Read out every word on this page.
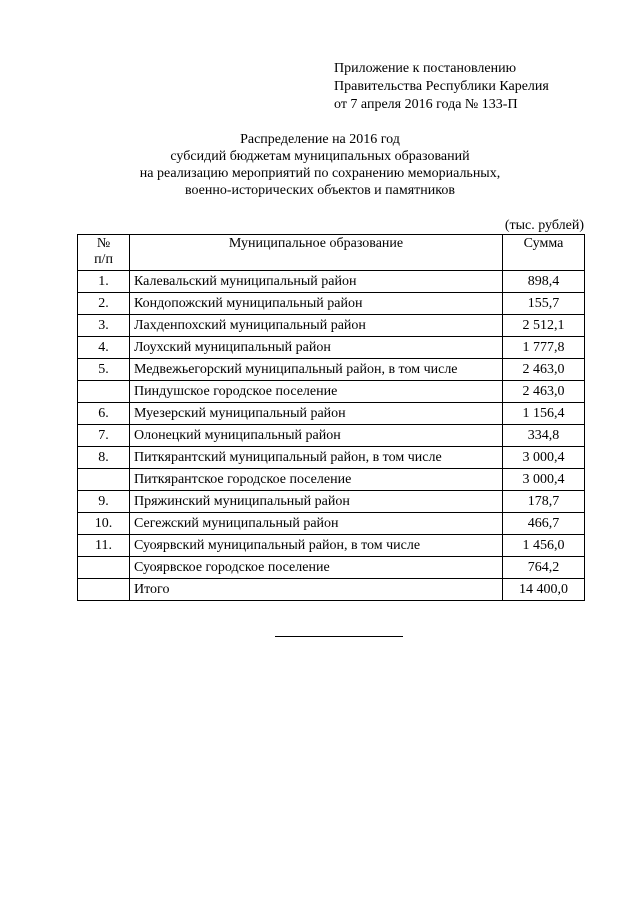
Приложение к постановлению
Правительства Республики Карелия
от 7 апреля 2016 года № 133-П
Распределение на 2016 год
субсидий бюджетам муниципальных образований
на реализацию мероприятий по сохранению мемориальных,
военно-исторических объектов и памятников
(тыс. рублей)
№
п/п	Муниципальное образование	Сумма
1.	Калевальский муниципальный район	898,4
2.	Кондопожский муниципальный район	155,7
3.	Лахденпохский муниципальный район	2 512,1
4.	Лоухский муниципальный район	1 777,8
5.	Медвежьегорский муниципальный район, в том числе	2 463,0
	Пиндушское городское поселение	2 463,0
6.	Муезерский муниципальный район	1 156,4
7.	Олонецкий муниципальный район	334,8
8.	Питкярантский муниципальный район, в том числе	3 000,4
	Питкярантское городское поселение	3 000,4
9.	Пряжинский муниципальный район	178,7
10.	Сегежский муниципальный район	466,7
11.	Суоярвский муниципальный район, в том числе	1 456,0
	Суоярвское городское поселение	764,2
	Итого	14 400,0
